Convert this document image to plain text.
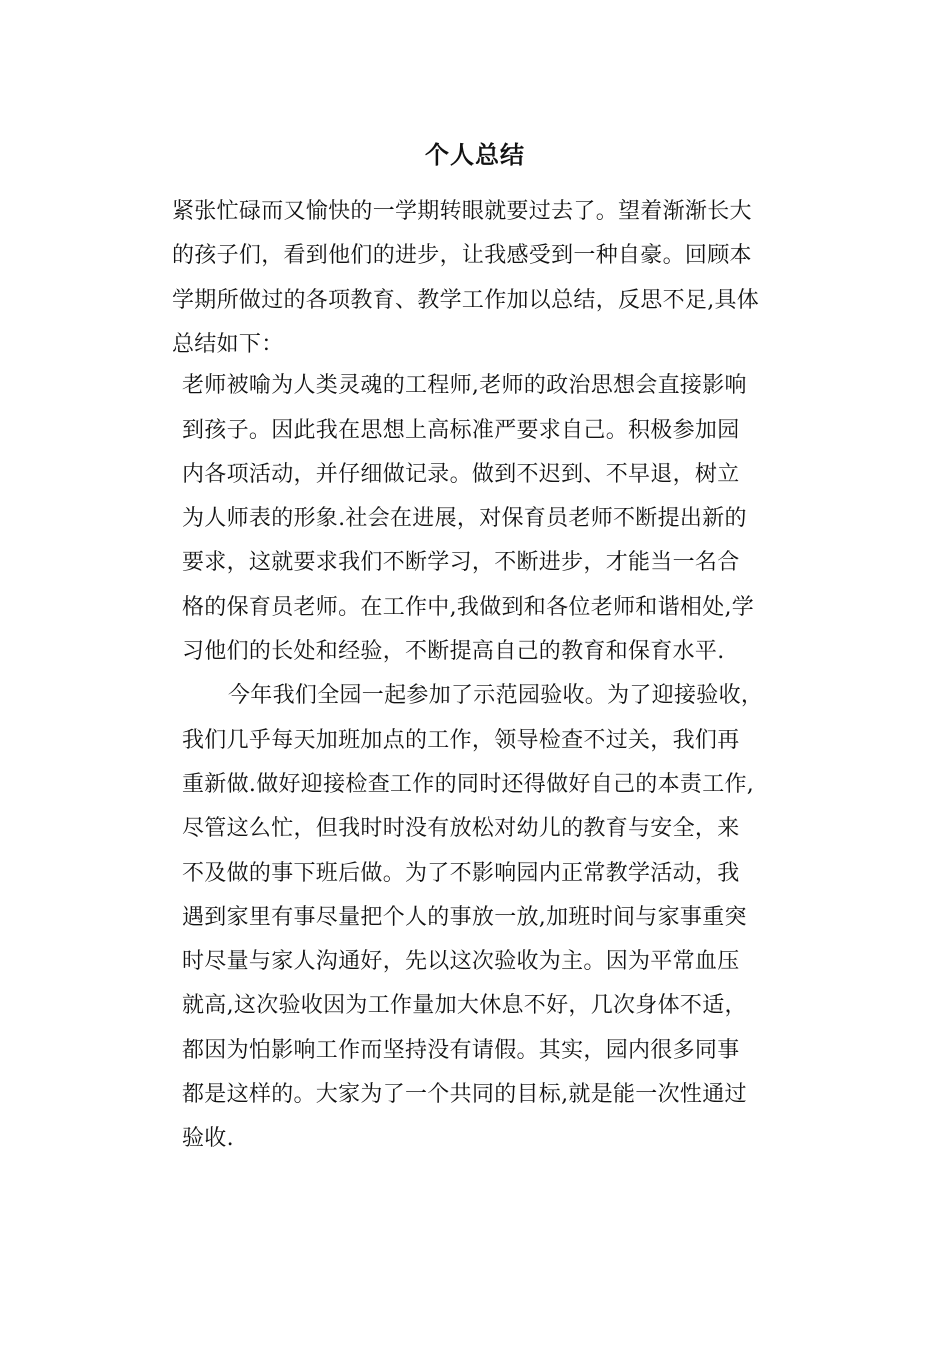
个人总结
紧张忙碌而又愉快的一学期转眼就要过去了。望着渐渐长大
的孩子们，看到他们的进步，让我感受到一种自豪。回顾本
学期所做过的各项教育、教学工作加以总结，反思不足,具体
总结如下：
老师被喻为人类灵魂的工程师,老师的政治思想会直接影响
到孩子。因此我在思想上高标准严要求自己。积极参加园
内各项活动，并仔细做记录。做到不迟到、不早退，树立
为人师表的形象.社会在进展，对保育员老师不断提出新的
要求，这就要求我们不断学习，不断进步，才能当一名合
格的保育员老师。在工作中,我做到和各位老师和谐相处,学
习他们的长处和经验，不断提高自己的教育和保育水平.
今年我们全园一起参加了示范园验收。为了迎接验收，
我们几乎每天加班加点的工作，领导检查不过关，我们再
重新做.做好迎接检查工作的同时还得做好自己的本责工作,
尽管这么忙，但我时时没有放松对幼儿的教育与安全，来
不及做的事下班后做。为了不影响园内正常教学活动，我
遇到家里有事尽量把个人的事放一放,加班时间与家事重突
时尽量与家人沟通好，先以这次验收为主。因为平常血压
就高,这次验收因为工作量加大休息不好，几次身体不适，
都因为怕影响工作而坚持没有请假。其实，园内很多同事
都是这样的。大家为了一个共同的目标,就是能一次性通过
验收.
